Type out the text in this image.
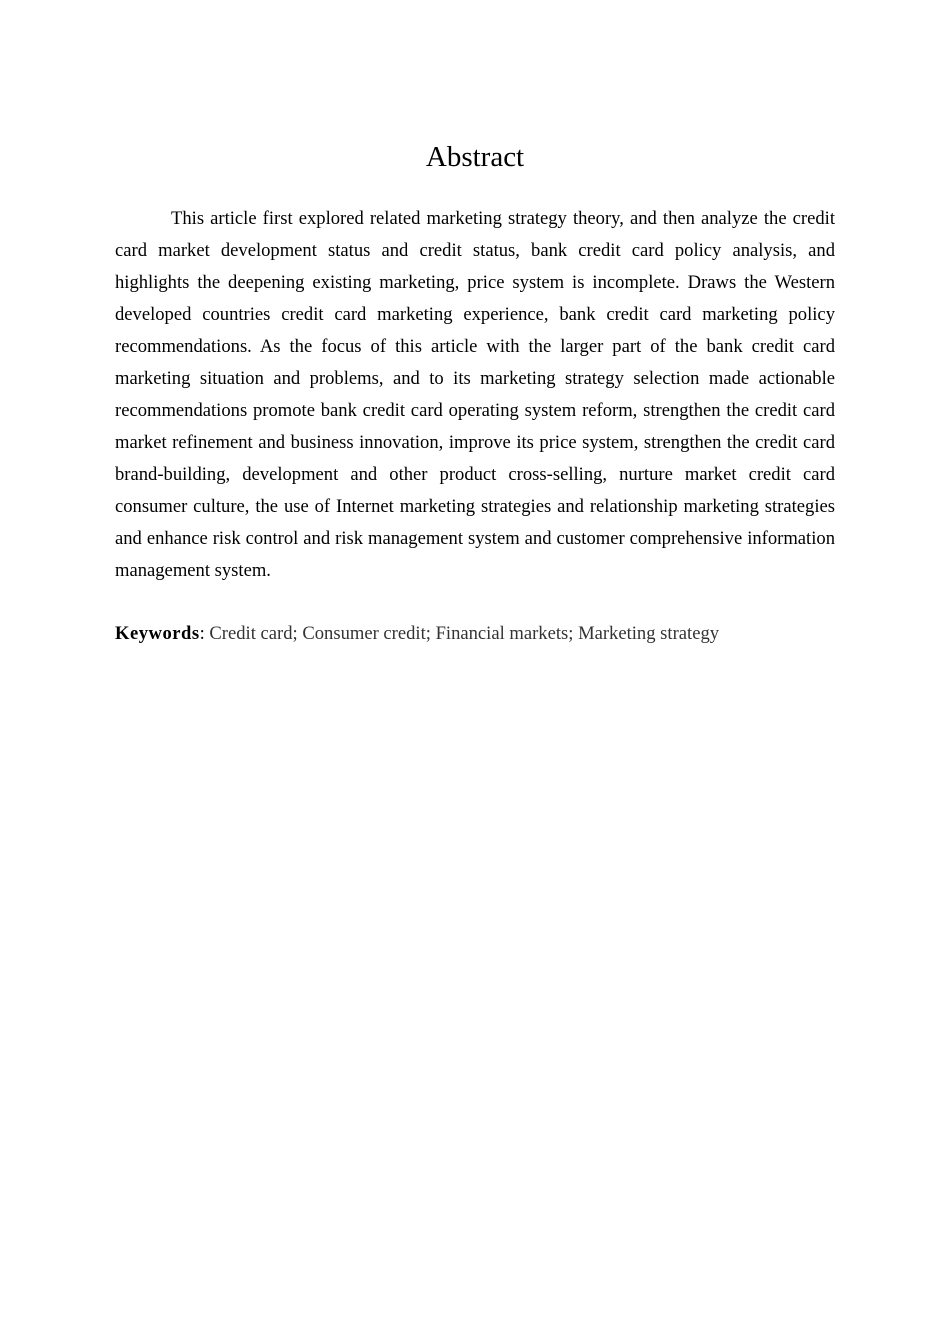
Abstract

This article first explored related marketing strategy theory, and then analyze the credit card market development status and credit status, bank credit card policy analysis, and highlights the deepening existing marketing, price system is incomplete. Draws the Western developed countries credit card marketing experience, bank credit card marketing policy recommendations. As the focus of this article with the larger part of the bank credit card marketing situation and problems, and to its marketing strategy selection made actionable recommendations promote bank credit card operating system reform, strengthen the credit card market refinement and business innovation, improve its price system, strengthen the credit card brand-building, development and other product cross-selling, nurture market credit card consumer culture, the use of Internet marketing strategies and relationship marketing strategies and enhance risk control and risk management system and customer comprehensive information management system.

Keywords: Credit card; Consumer credit; Financial markets; Marketing strategy
